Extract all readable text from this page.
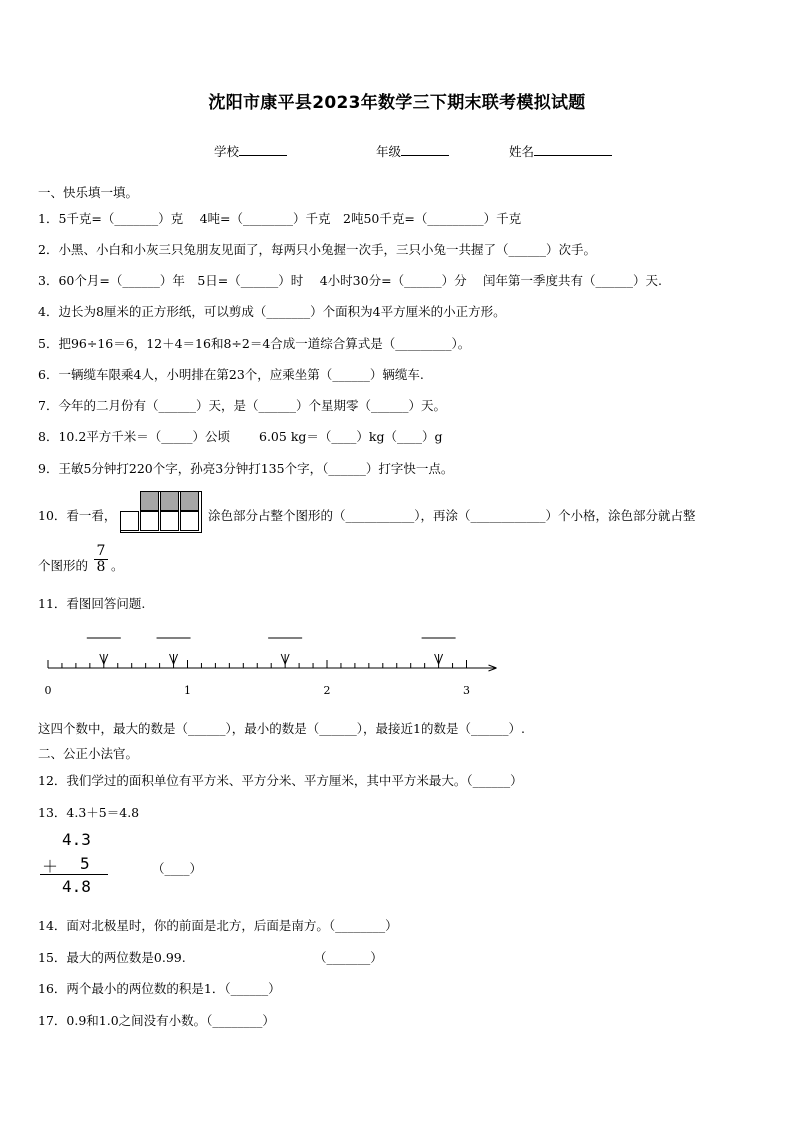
沈阳市康平县2023年数学三下期末联考模拟试题
学校	年级	姓名
一、快乐填一填。
1．5千克=（_______）克　 4吨=（________）千克　2吨50千克=（_________）千克
2．小黑、小白和小灰三只兔朋友见面了，每两只小兔握一次手，三只小兔一共握了（______）次手。
3．60个月=（______）年　5日=（______）时　 4小时30分=（______）分　 闰年第一季度共有（______）天.
4．边长为8厘米的正方形纸，可以剪成（_______）个面积为4平方厘米的小正方形。
5．把96÷16＝6，12＋4＝16和8÷2＝4合成一道综合算式是（_________）。
6．一辆缆车限乘4人，小明排在第23个，应乘坐第（______）辆缆车.
7．今年的二月份有（______）天，是（______）个星期零（______）天。
8．10.2平方千米＝（_____）公顷　　 6.05 kg＝（____）kg（____）g
9．王敏5分钟打220个字，孙亮3分钟打135个字，（______）打字快一点。
10．看一看，	涂色部分占整个图形的（___________），再涂（____________）个小格，涂色部分就占整
个图形的 $\frac{7}{8}$ 。
11．看图回答问题.
0	1	2	3
这四个数中，最大的数是（______），最小的数是（______），最接近1的数是（______）.
二、公正小法官。
12．我们学过的面积单位有平方米、平方分米、平方厘米，其中平方米最大。（______）
13．4.3＋5＝4.8
4.3
＋ 5
4.8
（____）
14．面对北极星时，你的前面是北方，后面是南方。（________）
15．最大的两位数是0.99.	（_______）
16．两个最小的两位数的积是1．（______）
17．0.9和1.0之间没有小数。（________）
